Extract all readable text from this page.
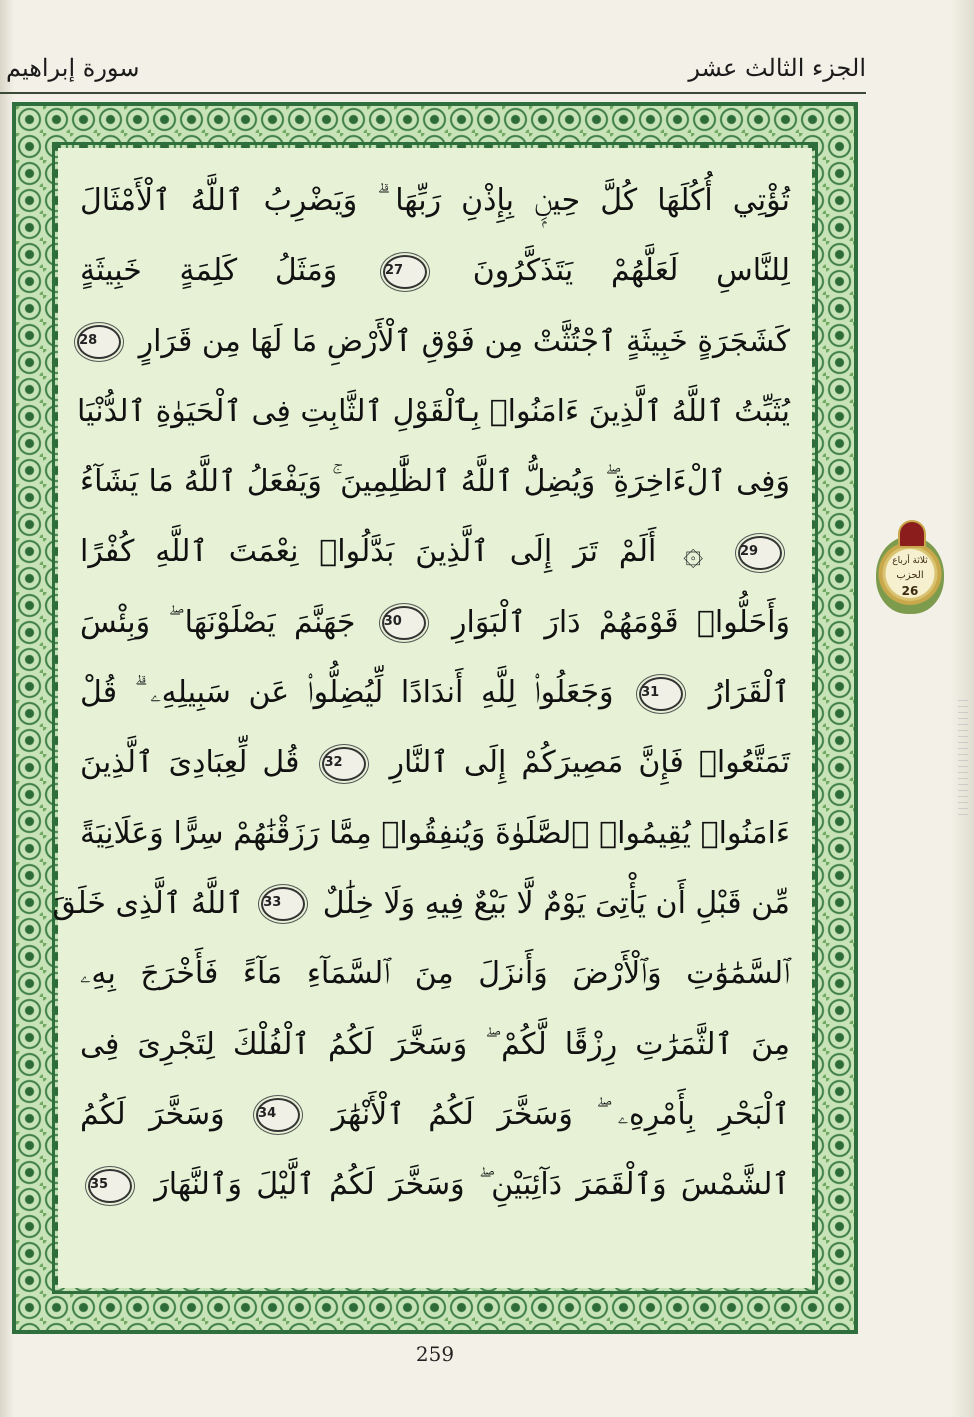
الجزء الثالث عشر
سورة إبراهيم
تُؤْتِي أُكُلَهَا كُلَّ حِينِۭ بِإِذْنِ رَبِّهَا ۗ وَيَضْرِبُ ٱللَّهُ ٱلْأَمْثَالَ
لِلنَّاسِ لَعَلَّهُمْ يَتَذَكَّرُونَ 27 وَمَثَلُ كَلِمَةٍ خَبِيثَةٍ
كَشَجَرَةٍ خَبِيثَةٍ ٱجْتُثَّتْ مِن فَوْقِ ٱلْأَرْضِ مَا لَهَا مِن قَرَارٍ 28
يُثَبِّتُ ٱللَّهُ ٱلَّذِينَ ءَامَنُوا۟ بِٱلْقَوْلِ ٱلثَّابِتِ فِى ٱلْحَيَوٰةِ ٱلدُّنْيَا
وَفِى ٱلْءَاخِرَةِ ۖ وَيُضِلُّ ٱللَّهُ ٱلظَّٰلِمِينَ ۚ وَيَفْعَلُ ٱللَّهُ مَا يَشَآءُ
29 ۞ أَلَمْ تَرَ إِلَى ٱلَّذِينَ بَدَّلُوا۟ نِعْمَتَ ٱللَّهِ كُفْرًا
وَأَحَلُّوا۟ قَوْمَهُمْ دَارَ ٱلْبَوَارِ 30 جَهَنَّمَ يَصْلَوْنَهَا ۖ وَبِئْسَ
ٱلْقَرَارُ 31 وَجَعَلُوا۟ لِلَّهِ أَندَادًا لِّيُضِلُّوا۟ عَن سَبِيلِهِۦ ۗ قُلْ
تَمَتَّعُوا۟ فَإِنَّ مَصِيرَكُمْ إِلَى ٱلنَّارِ 32 قُل لِّعِبَادِىَ ٱلَّذِينَ
ءَامَنُوا۟ يُقِيمُوا۟ ٱلصَّلَوٰةَ وَيُنفِقُوا۟ مِمَّا رَزَقْنَٰهُمْ سِرًّا وَعَلَانِيَةً
مِّن قَبْلِ أَن يَأْتِىَ يَوْمٌ لَّا بَيْعٌ فِيهِ وَلَا خِلَٰلٌ 33 ٱللَّهُ ٱلَّذِى خَلَقَ
ٱلسَّمَٰوَٰتِ وَٱلْأَرْضَ وَأَنزَلَ مِنَ ٱلسَّمَآءِ مَآءً فَأَخْرَجَ بِهِۦ
مِنَ ٱلثَّمَرَٰتِ رِزْقًا لَّكُمْ ۖ وَسَخَّرَ لَكُمُ ٱلْفُلْكَ لِتَجْرِىَ فِى
ٱلْبَحْرِ بِأَمْرِهِۦ ۖ وَسَخَّرَ لَكُمُ ٱلْأَنْهَٰرَ 34 وَسَخَّرَ لَكُمُ
ٱلشَّمْسَ وَٱلْقَمَرَ دَآئِبَيْنِ ۖ وَسَخَّرَ لَكُمُ ٱلَّيْلَ وَٱلنَّهَارَ 35
ثلاثة أرباع
الحزب
26
259
